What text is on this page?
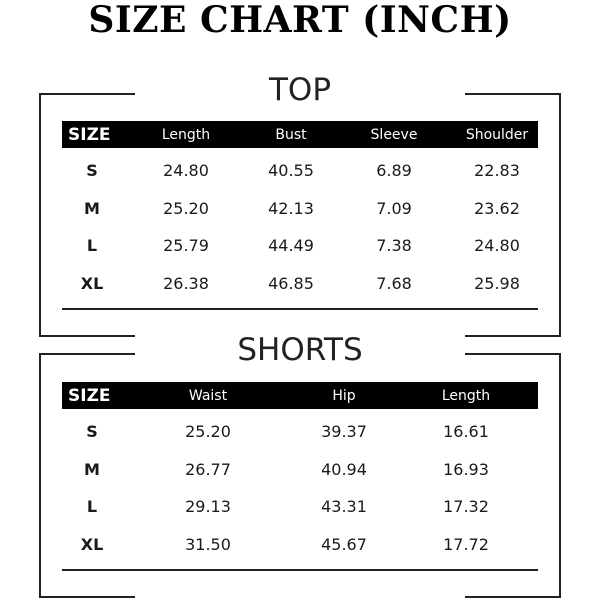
SIZE CHART (INCH)
TOP
SIZE	Length	Bust	Sleeve	Shoulder
S	24.80	40.55	6.89	22.83
M	25.20	42.13	7.09	23.62
L	25.79	44.49	7.38	24.80
XL	26.38	46.85	7.68	25.98
SHORTS
SIZE	Waist	Hip	Length
S	25.20	39.37	16.61
M	26.77	40.94	16.93
L	29.13	43.31	17.32
XL	31.50	45.67	17.72
